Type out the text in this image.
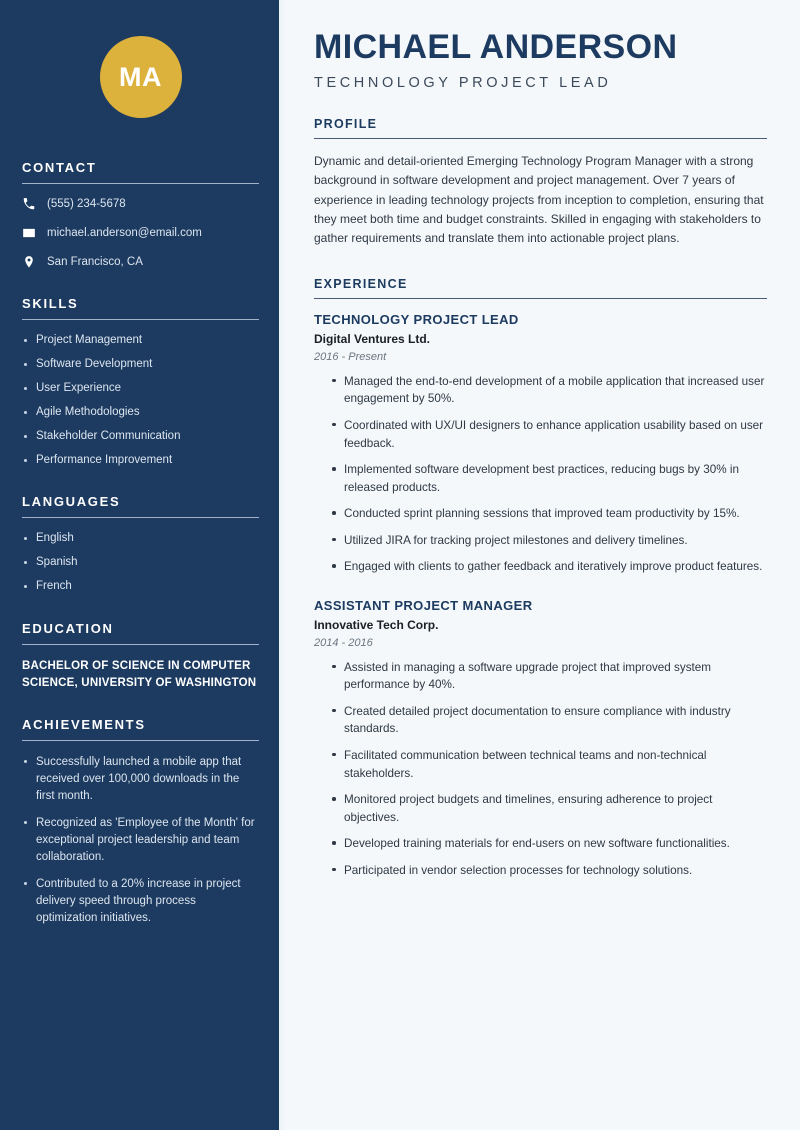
MA
CONTACT
(555) 234-5678
michael.anderson@email.com
San Francisco, CA
SKILLS
Project Management
Software Development
User Experience
Agile Methodologies
Stakeholder Communication
Performance Improvement
LANGUAGES
English
Spanish
French
EDUCATION
BACHELOR OF SCIENCE IN COMPUTER SCIENCE, UNIVERSITY OF WASHINGTON
ACHIEVEMENTS
Successfully launched a mobile app that received over 100,000 downloads in the first month.
Recognized as 'Employee of the Month' for exceptional project leadership and team collaboration.
Contributed to a 20% increase in project delivery speed through process optimization initiatives.
MICHAEL ANDERSON
TECHNOLOGY PROJECT LEAD
PROFILE

Dynamic and detail-oriented Emerging Technology Program Manager with a strong background in software development and project management. Over 7 years of experience in leading technology projects from inception to completion, ensuring that they meet both time and budget constraints. Skilled in engaging with stakeholders to gather requirements and translate them into actionable project plans.

EXPERIENCE
TECHNOLOGY PROJECT LEAD
Digital Ventures Ltd.
2016 - Present
Managed the end-to-end development of a mobile application that increased user engagement by 50%.
Coordinated with UX/UI designers to enhance application usability based on user feedback.
Implemented software development best practices, reducing bugs by 30% in released products.
Conducted sprint planning sessions that improved team productivity by 15%.
Utilized JIRA for tracking project milestones and delivery timelines.
Engaged with clients to gather feedback and iteratively improve product features.
ASSISTANT PROJECT MANAGER
Innovative Tech Corp.
2014 - 2016
Assisted in managing a software upgrade project that improved system performance by 40%.
Created detailed project documentation to ensure compliance with industry standards.
Facilitated communication between technical teams and non-technical stakeholders.
Monitored project budgets and timelines, ensuring adherence to project objectives.
Developed training materials for end-users on new software functionalities.
Participated in vendor selection processes for technology solutions.
